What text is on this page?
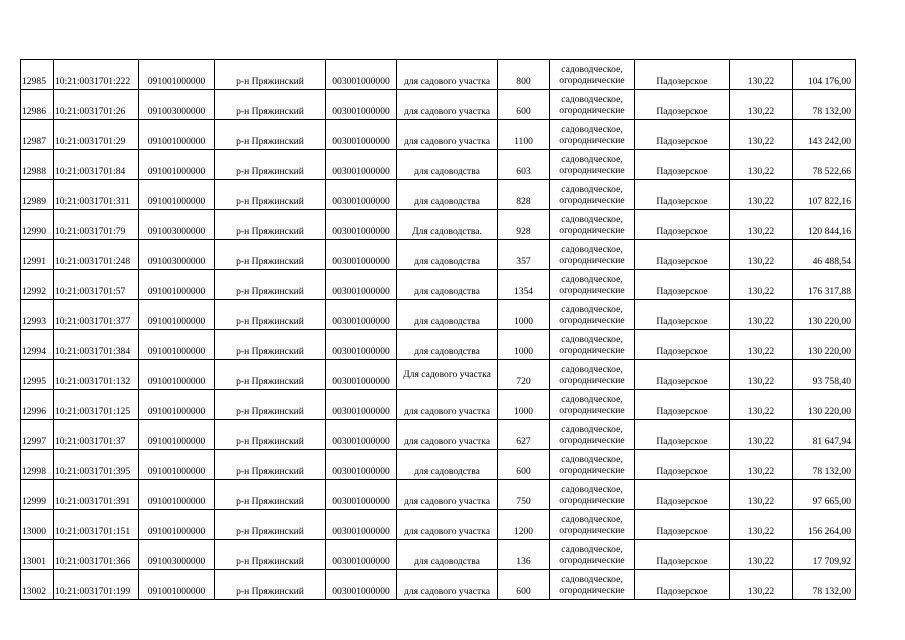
12985	10:21:0031701:222	091001000000	р-н Пряжинский	003001000000	для садового участка	800	садоводческое, огороднические	Падозерское	130,22	104 176,00
12986	10:21:0031701:26	091003000000	р-н Пряжинский	003001000000	для садового участка	600	садоводческое, огороднические	Падозерское	130,22	78 132,00
12987	10:21:0031701:29	091001000000	р-н Пряжинский	003001000000	для садового участка	1100	садоводческое, огороднические	Падозерское	130,22	143 242,00
12988	10:21:0031701:84	091001000000	р-н Пряжинский	003001000000	для садоводства	603	садоводческое, огороднические	Падозерское	130,22	78 522,66
12989	10:21:0031701:311	091001000000	р-н Пряжинский	003001000000	для садоводства	828	садоводческое, огороднические	Падозерское	130,22	107 822,16
12990	10:21:0031701:79	091003000000	р-н Пряжинский	003001000000	Для садоводства.	928	садоводческое, огороднические	Падозерское	130,22	120 844,16
12991	10:21:0031701:248	091003000000	р-н Пряжинский	003001000000	для садоводства	357	садоводческое, огороднические	Падозерское	130,22	46 488,54
12992	10:21:0031701:57	091001000000	р-н Пряжинский	003001000000	для садоводства	1354	садоводческое, огороднические	Падозерское	130,22	176 317,88
12993	10:21:0031701:377	091001000000	р-н Пряжинский	003001000000	для садоводства	1000	садоводческое, огороднические	Падозерское	130,22	130 220,00
12994	10:21:0031701:384	091001000000	р-н Пряжинский	003001000000	для садоводства	1000	садоводческое, огороднические	Падозерское	130,22	130 220,00
12995	10:21:0031701:132	091001000000	р-н Пряжинский	003001000000	Для садового участка	720	садоводческое, огороднические	Падозерское	130,22	93 758,40
12996	10:21:0031701:125	091001000000	р-н Пряжинский	003001000000	для садового участка	1000	садоводческое, огороднические	Падозерское	130,22	130 220,00
12997	10:21:0031701:37	091001000000	р-н Пряжинский	003001000000	для садового участка	627	садоводческое, огороднические	Падозерское	130,22	81 647,94
12998	10:21:0031701:395	091001000000	р-н Пряжинский	003001000000	для садоводства	600	садоводческое, огороднические	Падозерское	130,22	78 132,00
12999	10:21:0031701:391	091001000000	р-н Пряжинский	003001000000	для садового участка	750	садоводческое, огороднические	Падозерское	130,22	97 665,00
13000	10:21:0031701:151	091001000000	р-н Пряжинский	003001000000	для садового участка	1200	садоводческое, огороднические	Падозерское	130,22	156 264,00
13001	10:21:0031701:366	091003000000	р-н Пряжинский	003001000000	для садоводства	136	садоводческое, огороднические	Падозерское	130,22	17 709,92
13002	10:21:0031701:199	091001000000	р-н Пряжинский	003001000000	для садового участка	600	садоводческое, огороднические	Падозерское	130,22	78 132,00
